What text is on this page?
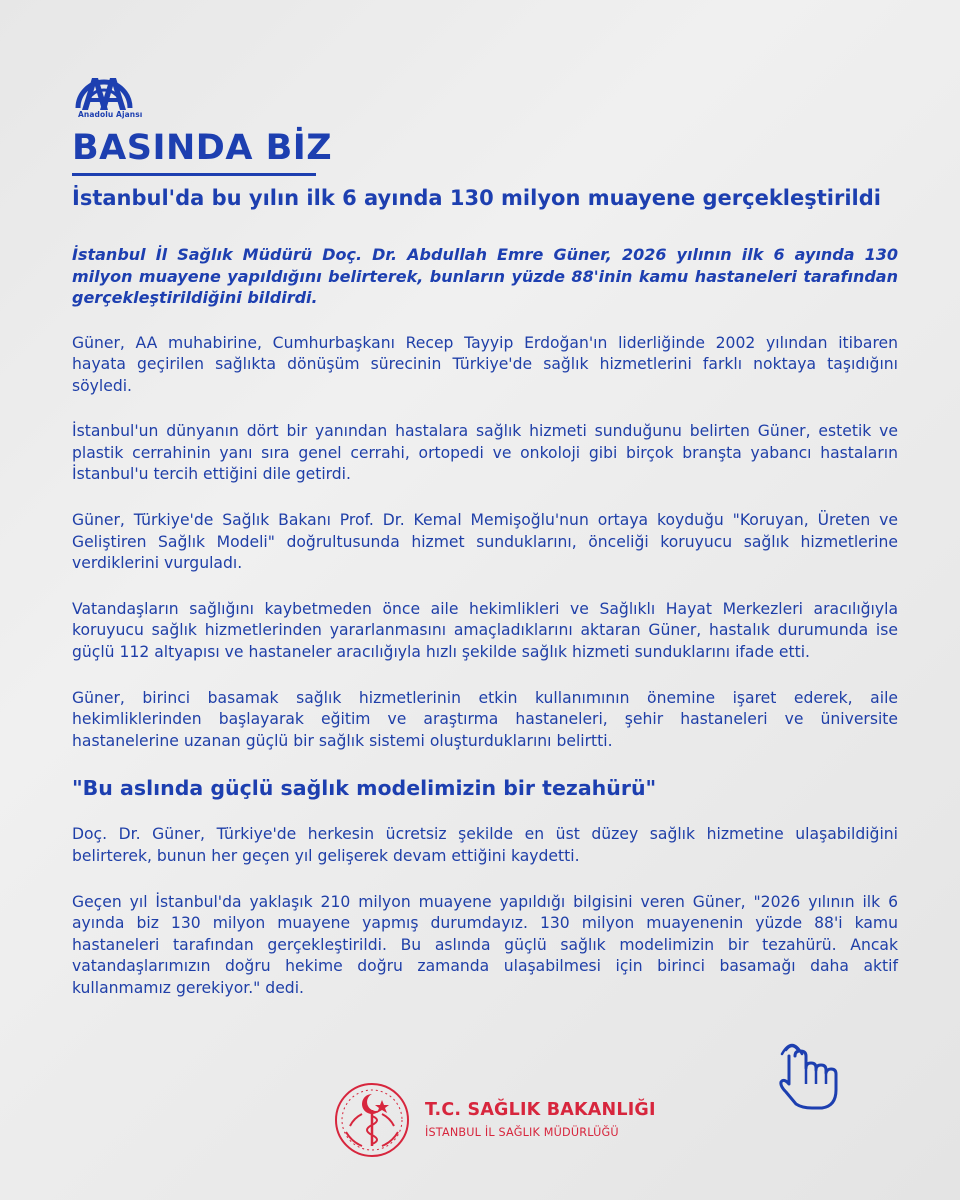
Anadolu Ajansı
BASINDA BİZ
İstanbul'da bu yılın ilk 6 ayında 130 milyon muayene gerçekleştirildi

İstanbul İl Sağlık Müdürü Doç. Dr. Abdullah Emre Güner, 2026 yılının ilk 6 ayında 130 milyon muayene yapıldığını belirterek, bunların yüzde 88'inin kamu hastaneleri tarafından gerçekleştirildiğini bildirdi.

Güner, AA muhabirine, Cumhurbaşkanı Recep Tayyip Erdoğan'ın liderliğinde 2002 yılından itibaren hayata geçirilen sağlıkta dönüşüm sürecinin Türkiye'de sağlık hizmetlerini farklı noktaya taşıdığını söyledi.

İstanbul'un dünyanın dört bir yanından hastalara sağlık hizmeti sunduğunu belirten Güner, estetik ve plastik cerrahinin yanı sıra genel cerrahi, ortopedi ve onkoloji gibi birçok branşta yabancı hastaların İstanbul'u tercih ettiğini dile getirdi.

Güner, Türkiye'de Sağlık Bakanı Prof. Dr. Kemal Memişoğlu'nun ortaya koyduğu "Koruyan, Üreten ve Geliştiren Sağlık Modeli" doğrultusunda hizmet sunduklarını, önceliği koruyucu sağlık hizmetlerine verdiklerini vurguladı.

Vatandaşların sağlığını kaybetmeden önce aile hekimlikleri ve Sağlıklı Hayat Merkezleri aracılığıyla koruyucu sağlık hizmetlerinden yararlanmasını amaçladıklarını aktaran Güner, hastalık durumunda ise güçlü 112 altyapısı ve hastaneler aracılığıyla hızlı şekilde sağlık hizmeti sunduklarını ifade etti.

Güner, birinci basamak sağlık hizmetlerinin etkin kullanımının önemine işaret ederek, aile hekimliklerinden başlayarak eğitim ve araştırma hastaneleri, şehir hastaneleri ve üniversite hastanelerine uzanan güçlü bir sağlık sistemi oluşturduklarını belirtti.

"Bu aslında güçlü sağlık modelimizin bir tezahürü"

Doç. Dr. Güner, Türkiye'de herkesin ücretsiz şekilde en üst düzey sağlık hizmetine ulaşabildiğini belirterek, bunun her geçen yıl gelişerek devam ettiğini kaydetti.

Geçen yıl İstanbul'da yaklaşık 210 milyon muayene yapıldığı bilgisini veren Güner, "2026 yılının ilk 6 ayında biz 130 milyon muayene yapmış durumdayız. 130 milyon muayenenin yüzde 88'i kamu hastaneleri tarafından gerçekleştirildi. Bu aslında güçlü sağlık modelimizin bir tezahürü. Ancak vatandaşlarımızın doğru hekime doğru zamanda ulaşabilmesi için birinci basamağı daha aktif kullanmamız gerekiyor." dedi.

T.C. SAĞLIK BAKANLIĞI
İSTANBUL İL SAĞLIK MÜDÜRLÜĞÜ
